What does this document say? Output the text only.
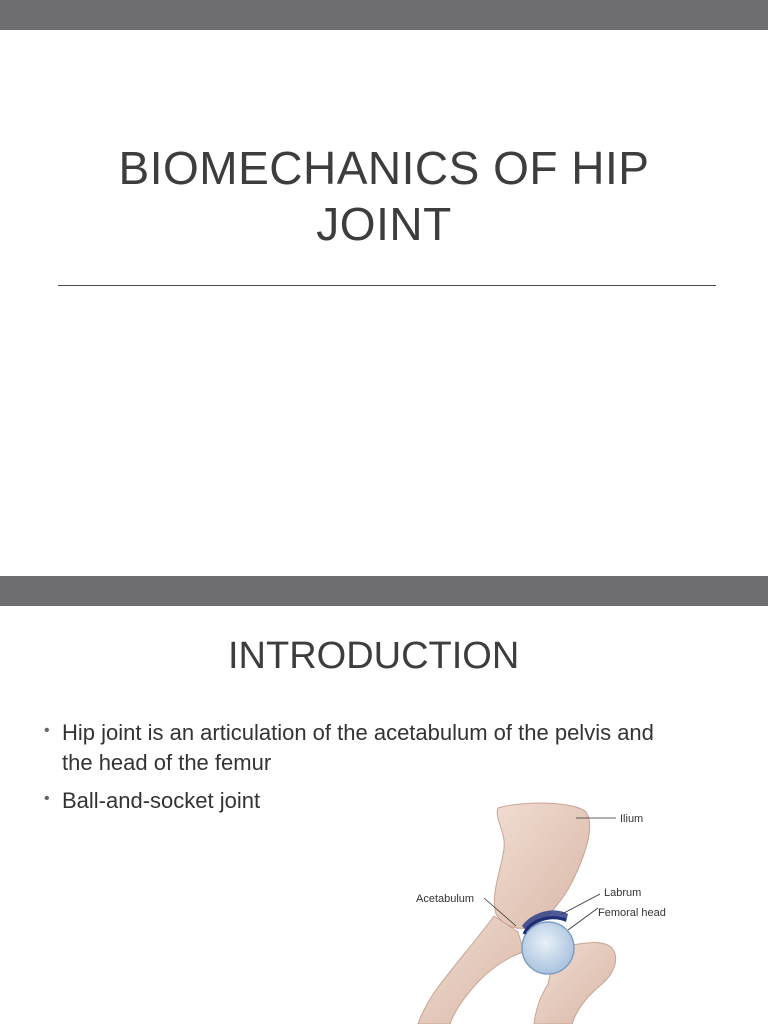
BIOMECHANICS OF HIP
JOINT
INTRODUCTION
• Hip joint is an articulation of the acetabulum of the pelvis and the head of the femur
• Ball-and-socket joint
Ilium
Acetabulum	Labrum
Femoral head
